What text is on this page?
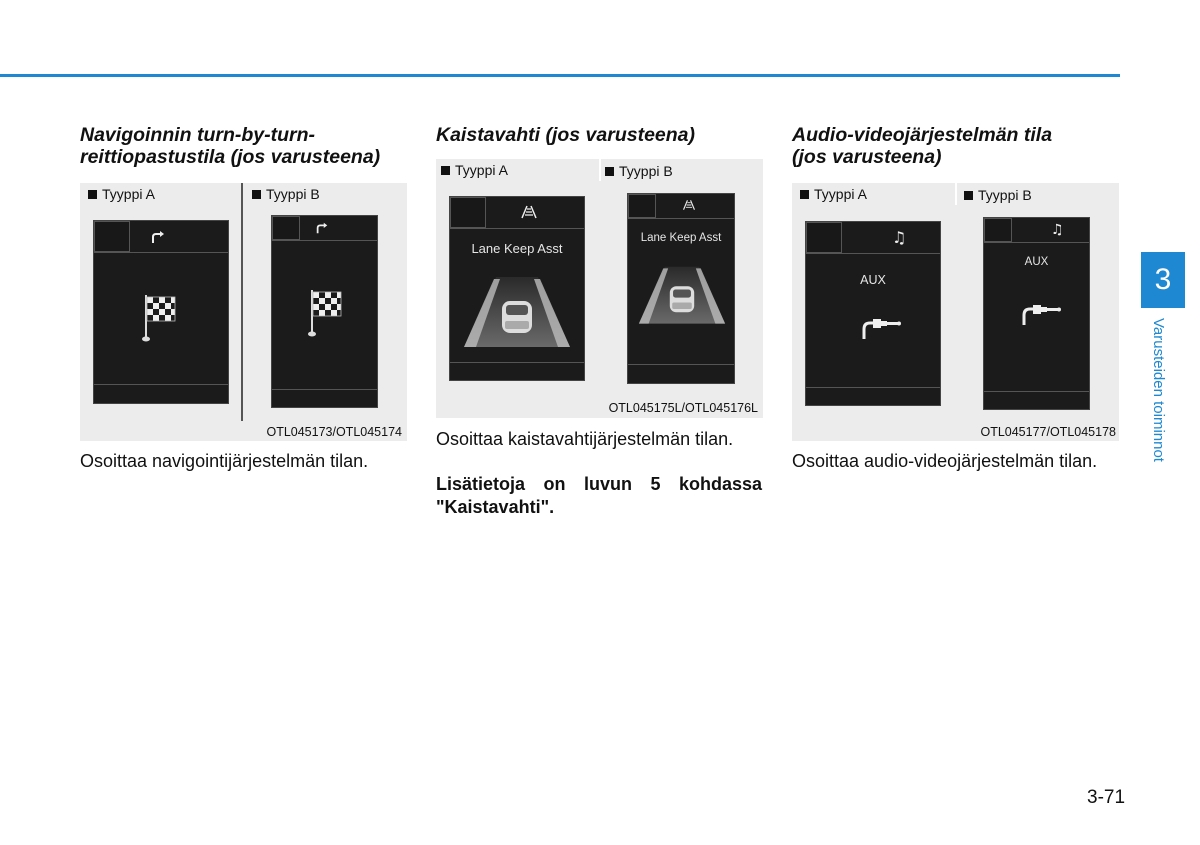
Navigoinnin turn-by-turn-
reittiopastustila (jos varusteena)

Tyyppi A	Tyyppi B
OTL045173/OTL045174
Osoittaa navigointijärjestelmän tilan.

Kaistavahti (jos varusteena)

Tyyppi A	Tyyppi B
Lane Keep Asst
Lane Keep Asst
OTL045175L/OTL045176L
Osoittaa kaistavahtijärjestelmän tilan.
Lisätietoja on luvun 5 kohdassa "Kaistavahti".

Audio-videojärjestelmän tila
(jos varusteena)

Tyyppi A	Tyyppi B
♫
AUX
♫
AUX
OTL045177/OTL045178
Osoittaa audio-videojärjestelmän tilan.
3
Varusteiden toiminnot
3-71
